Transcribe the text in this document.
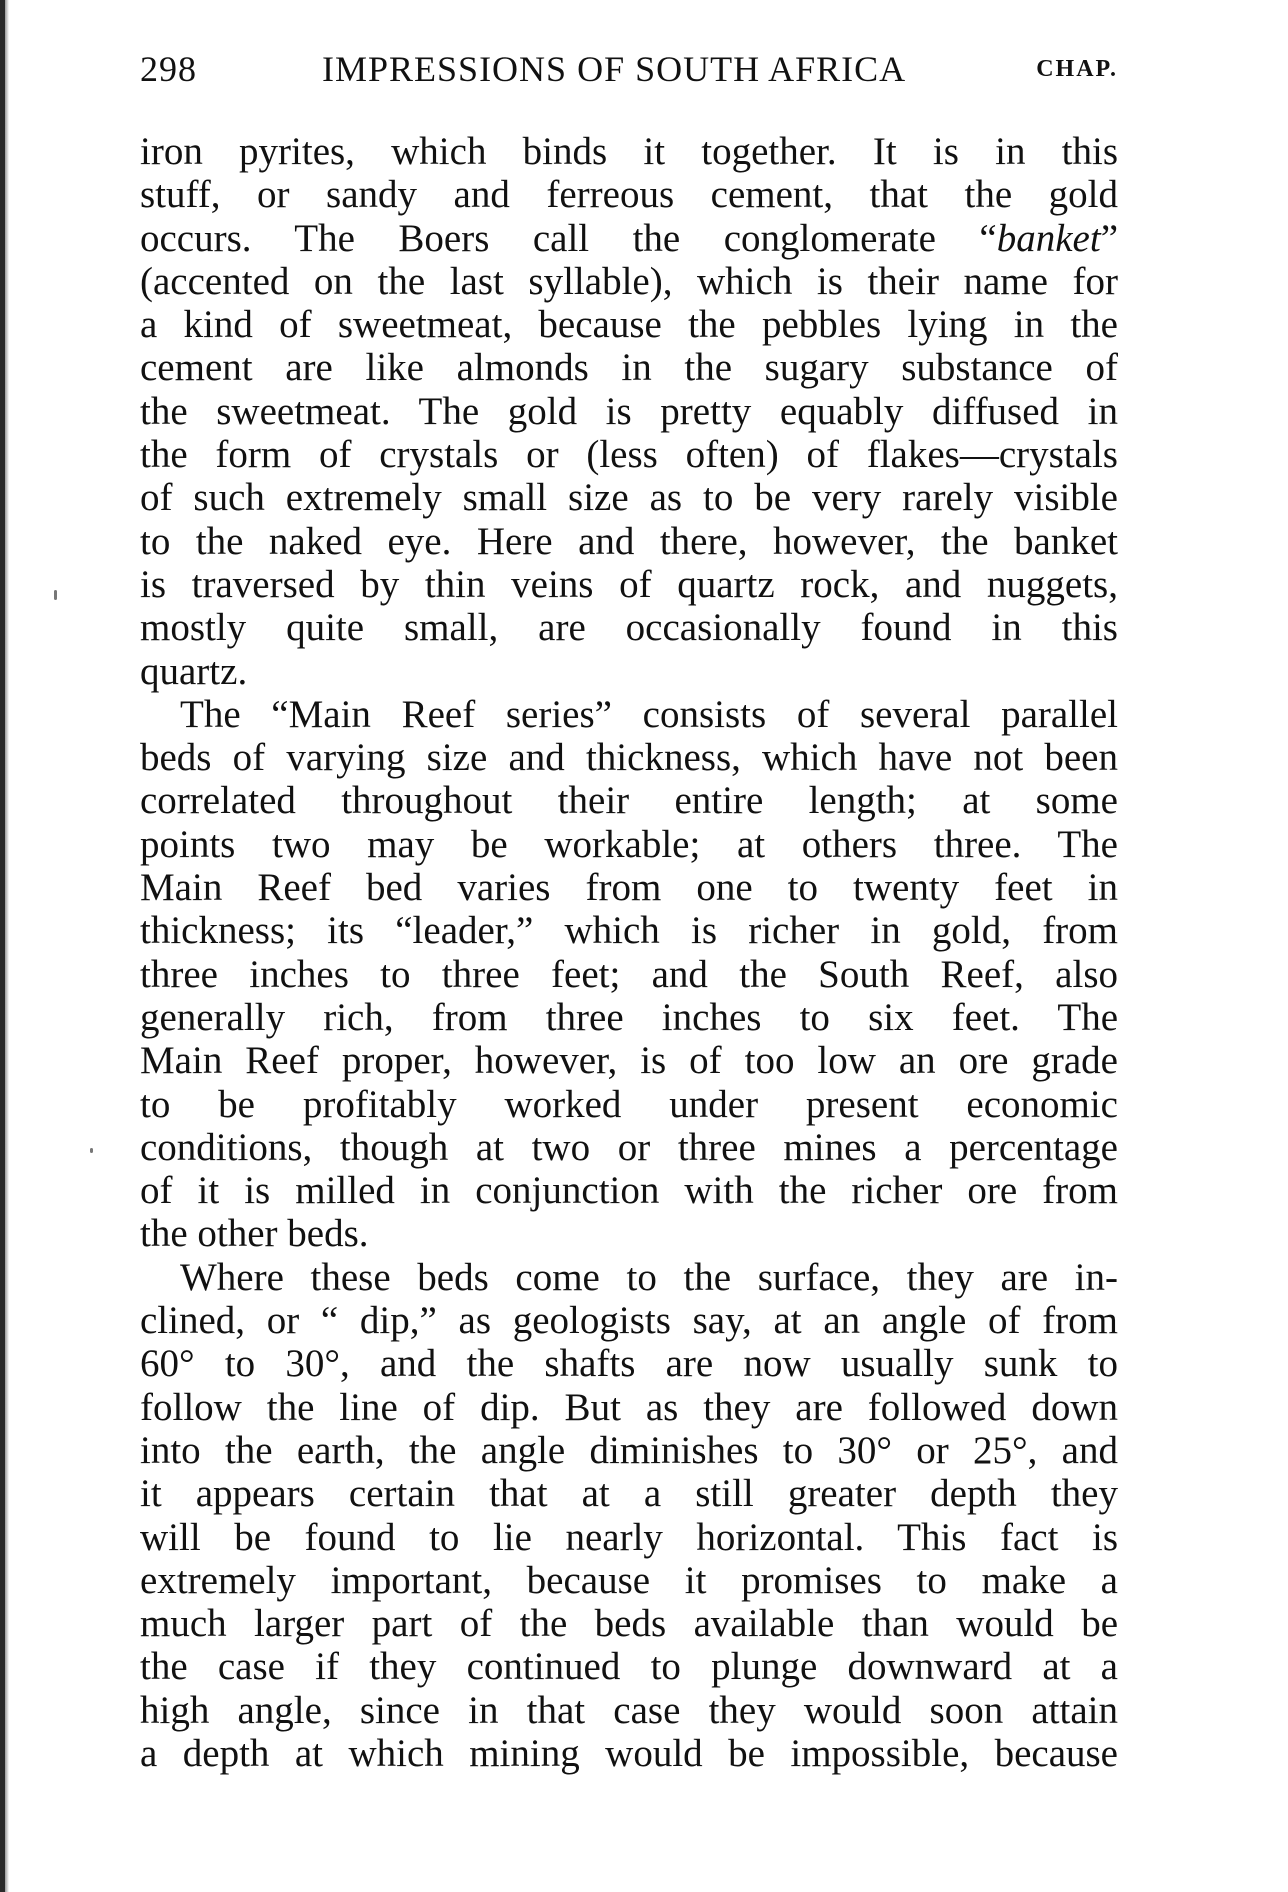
298	IMPRESSIONS OF SOUTH AFRICA	CHAP.
iron pyrites, which binds it together. It is in this
stuff, or sandy and ferreous cement, that the gold
occurs. The Boers call the conglomerate “banket”
(accented on the last syllable), which is their name for
a kind of sweetmeat, because the pebbles lying in the
cement are like almonds in the sugary substance of
the sweetmeat. The gold is pretty equably diffused in
the form of crystals or (less often) of flakes—crystals
of such extremely small size as to be very rarely visible
to the naked eye. Here and there, however, the banket
is traversed by thin veins of quartz rock, and nuggets,
mostly quite small, are occasionally found in this
quartz.
The “Main Reef series” consists of several parallel
beds of varying size and thickness, which have not been
correlated throughout their entire length; at some
points two may be workable; at others three. The
Main Reef bed varies from one to twenty feet in
thickness; its “leader,” which is richer in gold, from
three inches to three feet; and the South Reef, also
generally rich, from three inches to six feet. The
Main Reef proper, however, is of too low an ore grade
to be profitably worked under present economic
conditions, though at two or three mines a percentage
of it is milled in conjunction with the richer ore from
the other beds.
Where these beds come to the surface, they are in-
clined, or “ dip,” as geologists say, at an angle of from
60° to 30°, and the shafts are now usually sunk to
follow the line of dip. But as they are followed down
into the earth, the angle diminishes to 30° or 25°, and
it appears certain that at a still greater depth they
will be found to lie nearly horizontal. This fact is
extremely important, because it promises to make a
much larger part of the beds available than would be
the case if they continued to plunge downward at a
high angle, since in that case they would soon attain
a depth at which mining would be impossible, because
